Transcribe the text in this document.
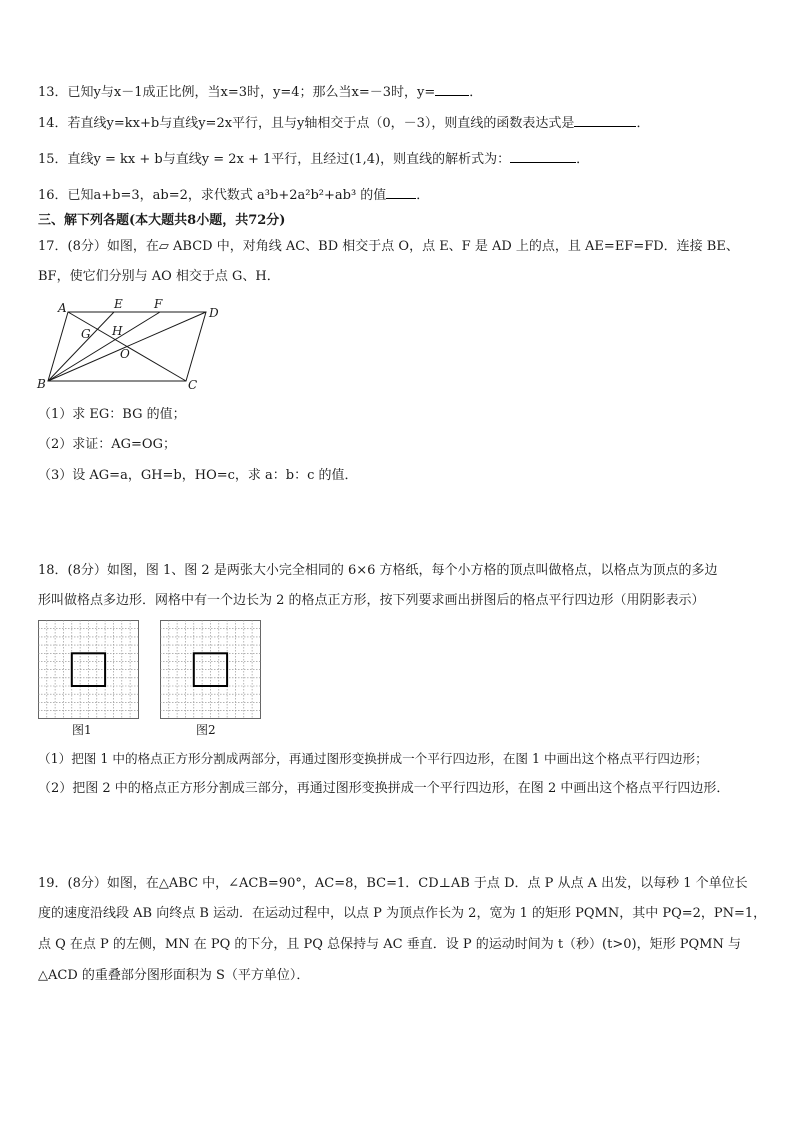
13．已知y与x－1成正比例，当x=3时，y=4；那么当x=－3时，y=	．
14．若直线y=kx+b与直线y=2x平行，且与y轴相交于点（0，－3），则直线的函数表达式是	．
15．直线y = kx + b与直线y = 2x + 1平行，且经过(1,4)，则直线的解析式为：	．
16．已知a+b=3，ab=2，求代数式 a³b+2a²b²+ab³ 的值 ．
三、解下列各题(本大题共8小题，共72分)
17．(8分）如图，在▱ ABCD 中，对角线 AC、BD 相交于点 O，点 E、F 是 AD 上的点，且 AE=EF=FD．连接 BE、
BF，使它们分别与 AO 相交于点 G、H．
A	E	F
D
G H
O
B	C
（1）求 EG：BG 的值；
（2）求证：AG=OG；
（3）设 AG=a，GH=b，HO=c，求 a：b：c 的值．
18．(8分）如图，图 1、图 2 是两张大小完全相同的 6×6 方格纸，每个小方格的顶点叫做格点，以格点为顶点的多边
形叫做格点多边形．网格中有一个边长为 2 的格点正方形，按下列要求画出拼图后的格点平行四边形（用阴影表示）
图1	图2
（1）把图 1 中的格点正方形分割成两部分，再通过图形变换拼成一个平行四边形，在图 1 中画出这个格点平行四边形；
（2）把图 2 中的格点正方形分割成三部分，再通过图形变换拼成一个平行四边形，在图 2 中画出这个格点平行四边形．
19．(8分）如图，在△ABC 中，∠ACB=90°，AC=8，BC=1．CD⊥AB 于点 D．点 P 从点 A 出发，以每秒 1 个单位长
度的速度沿线段 AB 向终点 B 运动．在运动过程中，以点 P 为顶点作长为 2，宽为 1 的矩形 PQMN，其中 PQ=2，PN=1，
点 Q 在点 P 的左侧，MN 在 PQ 的下分，且 PQ 总保持与 AC 垂直．设 P 的运动时间为 t（秒）(t>0)，矩形 PQMN 与
△ACD 的重叠部分图形面积为 S（平方单位）．
